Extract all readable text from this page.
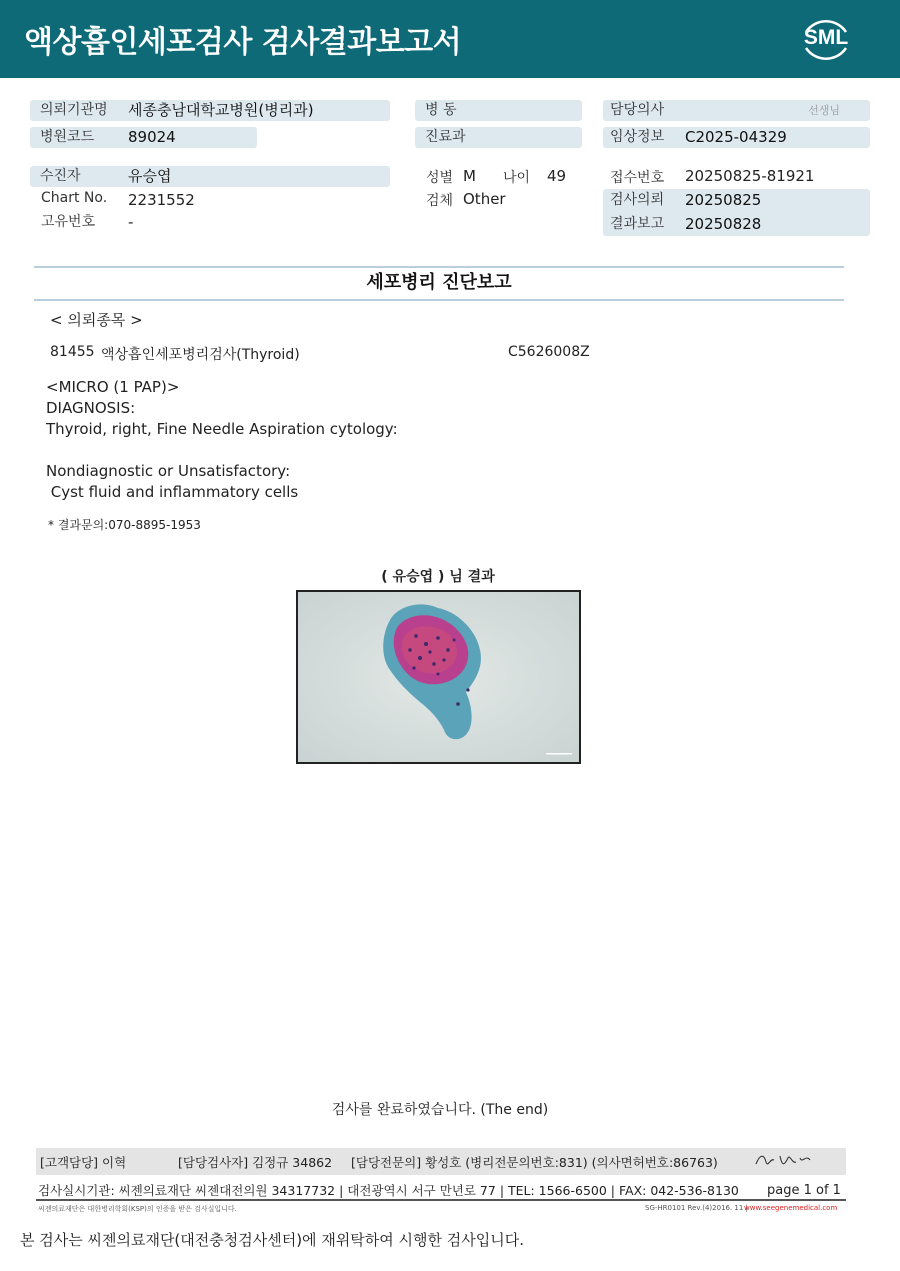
액상흡인세포검사 검사결과보고서	SML
의뢰기관명 세종충남대학교병원(병리과)	병 동	담당의사	선생님
병원코드 89024	진료과	임상정보 C2025-04329
수진자	유승엽
Chart No. 2231552
고유번호 -
성별 M 나이 49
검체 Other
접수번호 20250825-81921
검사의뢰 20250825
결과보고 20250828
세포병리 진단보고
< 의뢰종목 >
81455 액상흡인세포병리검사(Thyroid)	C5626008Z
<MICRO (1 PAP)>
DIAGNOSIS:
Thyroid, right, Fine Needle Aspiration cytology:
Nondiagnostic or Unsatisfactory:
Cyst fluid and inflammatory cells
* 결과문의:070-8895-1953
( 유승엽 ) 님 결과
검사를 완료하였습니다. (The end)
[고객담당] 이혁	[담당검사자] 김정규 34862 [담당전문의] 황성호 (병리전문의번호:831) (의사면허번호:86763)
검사실시기관: 씨젠의료재단 씨젠대전의원 34317732 | 대전광역시 서구 만년로 77 | TEL: 1566-6500 | FAX: 042-536-8130 page 1 of 1
씨젠의료재단은 대한병리학회(KSP)의 인증을 받은 검사실입니다.	SG-HR0101 Rev.(4)2016. 11 |
www.seegenemedical.com
본 검사는 씨젠의료재단(대전충청검사센터)에 재위탁하여 시행한 검사입니다.
